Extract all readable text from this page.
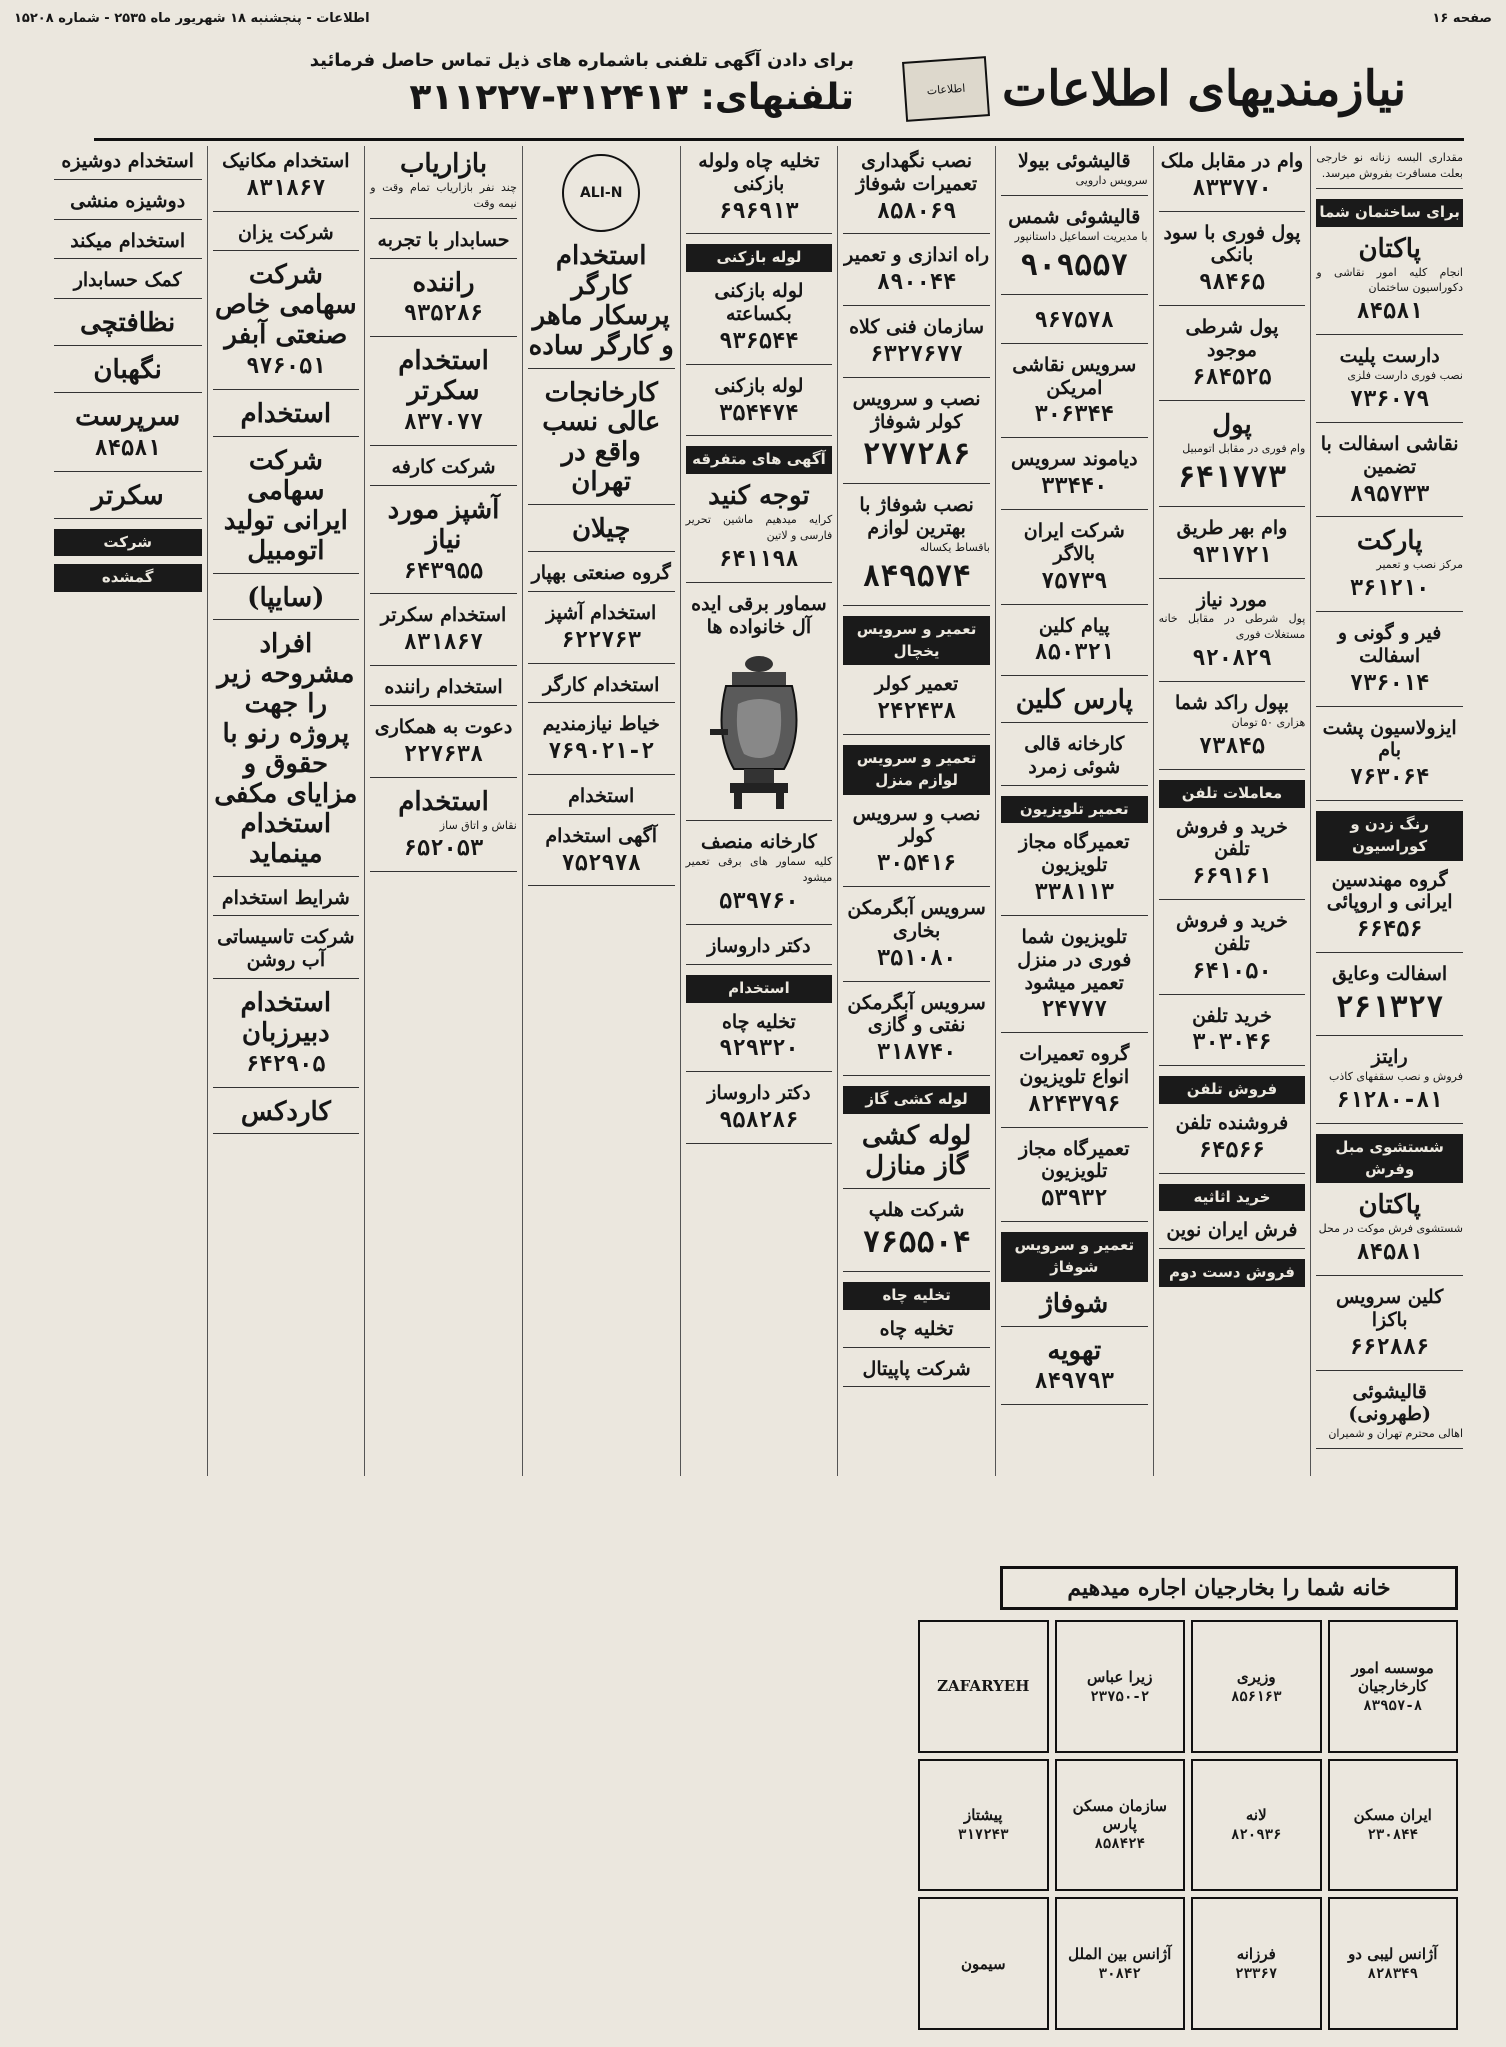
صفحه ۱۶
اطلاعات - پنجشنبه ۱۸ شهریور ماه ۲۵۳۵ - شماره ۱۵۲۰۸
نیازمندیهای اطلاعات
اطلاعات
برای دادن آگهی تلفنی باشماره های ذیل تماس حاصل فرمائید
تلفنهای: ۳۱۲۴۱۳-۳۱۱۲۲۷
مقداری البسه زنانه نو خارجی بعلت مسافرت بفروش میرسد.
برای ساختمان شما
پاکتان
انجام کلیه امور نقاشی و دکوراسیون ساختمان
۸۴۵۸۱
دارست پلیت
نصب فوری دارست فلزی
۷۳۶۰۷۹
نقاشی اسفالت با تضمین
۸۹۵۷۳۳
پارکت
مرکز نصب و تعمیر
۳۶۱۲۱۰
فیر و گونی و اسفالت
۷۳۶۰۱۴
ایزولاسیون پشت بام
۷۶۳۰۶۴
رنگ زدن و کوراسیون
گروه مهندسین ایرانی و اروپائی
۶۶۴۵۶
اسفالت وعایق
۲۶۱۳۲۷
رایتز
فروش و نصب سقفهای کاذب
۶۱۲۸۰-۸۱
شستشوی مبل وفرش
پاکتان
شستشوی فرش موکت در محل
۸۴۵۸۱
کلین سرویس باکزا
۶۶۲۸۸۶
قالیشوئی (طهرونی)
اهالی محترم تهران و شمیران
وام در مقابل ملک
۸۳۳۷۷۰
پول فوری با سود بانکی
۹۸۴۶۵
پول شرطی موجود
۶۸۴۵۲۵
پول
وام فوری در مقابل اتومبیل
۶۴۱۷۷۳
وام بهر طریق
۹۳۱۷۲۱
مورد نیاز
پول شرطی در مقابل خانه مستغلات فوری
۹۲۰۸۲۹
بپول راکد شما
هزاری ۵۰ تومان
۷۳۸۴۵
معاملات تلفن
خرید و فروش تلفن
۶۶۹۱۶۱
خرید و فروش تلفن
۶۴۱۰۵۰
خرید تلفن
۳۰۳۰۴۶
فروش تلفن
فروشنده تلفن
۶۴۵۶۶
خرید اثاثیه
فرش ایران نوین
فروش دست دوم
قالیشوئی بیولا
سرویس دارویی
قالیشوئی شمس
با مدیریت اسماعیل داستانپور
۹۰۹۵۵۷
۹۶۷۵۷۸
سرویس نقاشی امریکن
۳۰۶۳۴۴
دیاموند سرویس
۳۳۴۴۰
شرکت ایران بالاگر
۷۵۷۳۹
پیام کلین
۸۵۰۳۲۱
پارس کلین
کارخانه قالی شوئی زمرد
تعمیر تلویزیون
تعمیرگاه مجاز تلویزیون
۳۳۸۱۱۳
تلویزیون شما فوری در منزل تعمیر میشود
۲۴۷۷۷
گروه تعمیرات انواع تلویزیون
۸۲۴۳۷۹۶
تعمیرگاه مجاز تلویزیون
۵۳۹۳۲
تعمیر و سرویس شوفاژ
شوفاژ
تهویه
۸۴۹۷۹۳
نصب نگهداری تعمیرات شوفاژ
۸۵۸۰۶۹
راه اندازی و تعمیر
۸۹۰۰۴۴
سازمان فنی کلاه
۶۳۲۷۶۷۷
نصب و سرویس کولر شوفاژ
۲۷۷۲۸۶
نصب شوفاژ با بهترین لوازم
باقساط یکساله
۸۴۹۵۷۴
تعمیر و سرویس یخچال
تعمیر کولر
۲۴۲۴۳۸
تعمیر و سرویس لوازم منزل
نصب و سرویس کولر
۳۰۵۴۱۶
سرویس آبگرمکن بخاری
۳۵۱۰۸۰
سرویس آبگرمکن نفتی و گازی
۳۱۸۷۴۰
لوله کشی گاز
لوله کشی گاز منازل
شرکت هلپ
۷۶۵۵۰۴
تخلیه چاه
تخلیه چاه
شرکت پاپیتال
تخلیه چاه ولوله بازکنی
۶۹۶۹۱۳
لوله بازکنی
لوله بازکنی بکساعته
۹۳۶۵۴۴
لوله بازکنی
۳۵۴۴۷۴
آگهی های متفرقه
توجه کنید
کرایه میدهیم ماشین تحریر فارسی و لاتین
۶۴۱۱۹۸
سماور برقی ایده آل خانواده ها
کارخانه منصف
کلیه سماور های برقی تعمیر میشود
۵۳۹۷۶۰
دکتر داروساز
استخدام
تخلیه چاه
۹۲۹۳۲۰
دکتر داروساز
۹۵۸۲۸۶
ALI-N
استخدام کارگر پرسکار ماهر و کارگر ساده
کارخانجات عالی نسب واقع در تهران
چیلان
گروه صنعتی بهپار
استخدام آشپز
۶۲۲۷۶۳
استخدام کارگر
خیاط نیازمندیم
۷۶۹۰۲۱-۲
استخدام
آگهی استخدام
۷۵۲۹۷۸
بازاریاب
چند نفر بازاریاب تمام وقت و نیمه وقت
حسابدار با تجربه
راننده
۹۳۵۲۸۶
استخدام سکرتر
۸۳۷۰۷۷
شرکت کارفه
آشپز مورد نیاز
۶۴۳۹۵۵
استخدام سکرتر
۸۳۱۸۶۷
استخدام راننده
دعوت به همکاری
۲۲۷۶۳۸
استخدام
نقاش و اتاق ساز
۶۵۲۰۵۳
استخدام مکانیک
۸۳۱۸۶۷
شرکت یزان
شرکت سهامی خاص صنعتی آبفر
۹۷۶۰۵۱
استخدام
شرکت سهامی ایرانی تولید اتومبیل
(سایپا)
افراد مشروحه زیر را جهت پروژه رنو با حقوق و مزایای مکفی استخدام مینماید
شرایط استخدام
شرکت تاسیساتی آب روشن
استخدام دبیرزبان
۶۴۲۹۰۵
کاردکس
استخدام دوشیزه
دوشیزه منشی
استخدام میکند
کمک حسابدار
نظافتچی
نگهبان
سرپرست
۸۴۵۸۱
سکرتر
شرکت
گمشده
خانه شما را بخارجیان اجاره میدهیم
موسسه امور کارخارجیان
۸۳۹۵۷-۸
وزیری
۸۵۶۱۶۳
زیرا عباس
۲۳۷۵۰-۲
ZAFARYEH
ایران مسکن
۲۳۰۸۴۴
لانه
۸۲۰۹۳۶
سازمان مسکن پارس
۸۵۸۴۲۴
پیشتاز
۳۱۷۲۴۳
آژانس لیبی دو
۸۲۸۳۴۹
فرزانه
۲۳۳۶۷
آژانس بین الملل
۳۰۸۴۲
سیمون
